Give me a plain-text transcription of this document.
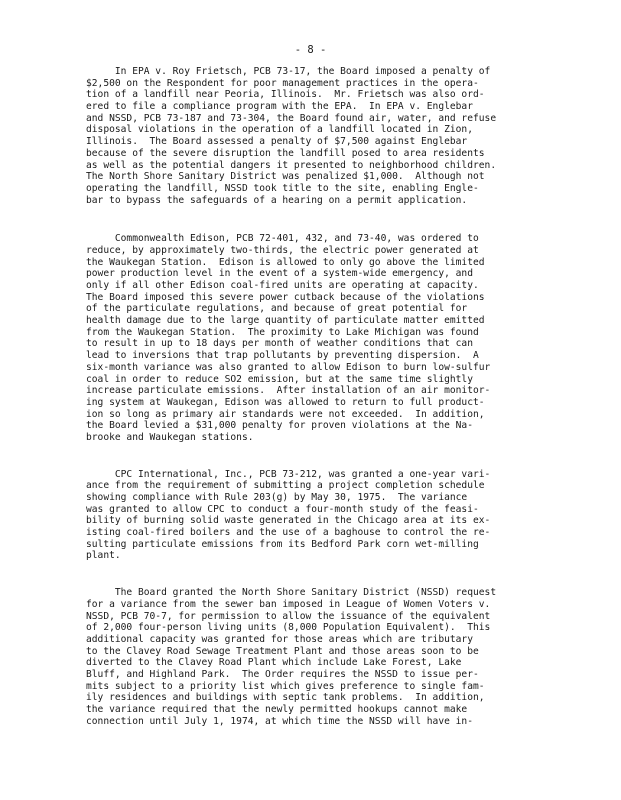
- 8 -
In EPA v. Roy Frietsch, PCB 73-17, the Board imposed a penalty of
$2,500 on the Respondent for poor management practices in the opera-
tion of a landfill near Peoria, Illinois.  Mr. Frietsch was also ord-
ered to file a compliance program with the EPA.  In EPA v. Englebar
and NSSD, PCB 73-187 and 73-304, the Board found air, water, and refuse
disposal violations in the operation of a landfill located in Zion,
Illinois.  The Board assessed a penalty of $7,500 against Englebar
because of the severe disruption the landfill posed to area residents
as well as the potential dangers it presented to neighborhood children.
The North Shore Sanitary District was penalized $1,000.  Although not
operating the landfill, NSSD took title to the site, enabling Engle-
bar to bypass the safeguards of a hearing on a permit application.
Commonwealth Edison, PCB 72-401, 432, and 73-40, was ordered to
reduce, by approximately two-thirds, the electric power generated at
the Waukegan Station.  Edison is allowed to only go above the limited
power production level in the event of a system-wide emergency, and
only if all other Edison coal-fired units are operating at capacity.
The Board imposed this severe power cutback because of the violations
of the particulate regulations, and because of great potential for
health damage due to the large quantity of particulate matter emitted
from the Waukegan Station.  The proximity to Lake Michigan was found
to result in up to 18 days per month of weather conditions that can
lead to inversions that trap pollutants by preventing dispersion.  A
six-month variance was also granted to allow Edison to burn low-sulfur
coal in order to reduce SO2 emission, but at the same time slightly
increase particulate emissions.  After installation of an air monitor-
ing system at Waukegan, Edison was allowed to return to full product-
ion so long as primary air standards were not exceeded.  In addition,
the Board levied a $31,000 penalty for proven violations at the Na-
brooke and Waukegan stations.
CPC International, Inc., PCB 73-212, was granted a one-year vari-
ance from the requirement of submitting a project completion schedule
showing compliance with Rule 203(g) by May 30, 1975.  The variance
was granted to allow CPC to conduct a four-month study of the feasi-
bility of burning solid waste generated in the Chicago area at its ex-
isting coal-fired boilers and the use of a baghouse to control the re-
sulting particulate emissions from its Bedford Park corn wet-milling
plant.
The Board granted the North Shore Sanitary District (NSSD) request
for a variance from the sewer ban imposed in League of Women Voters v.
NSSD, PCB 70-7, for permission to allow the issuance of the equivalent
of 2,000 four-person living units (8,000 Population Equivalent).  This
additional capacity was granted for those areas which are tributary
to the Clavey Road Sewage Treatment Plant and those areas soon to be
diverted to the Clavey Road Plant which include Lake Forest, Lake
Bluff, and Highland Park.  The Order requires the NSSD to issue per-
mits subject to a priority list which gives preference to single fam-
ily residences and buildings with septic tank problems.  In addition,
the variance required that the newly permitted hookups cannot make
connection until July 1, 1974, at which time the NSSD will have in-
